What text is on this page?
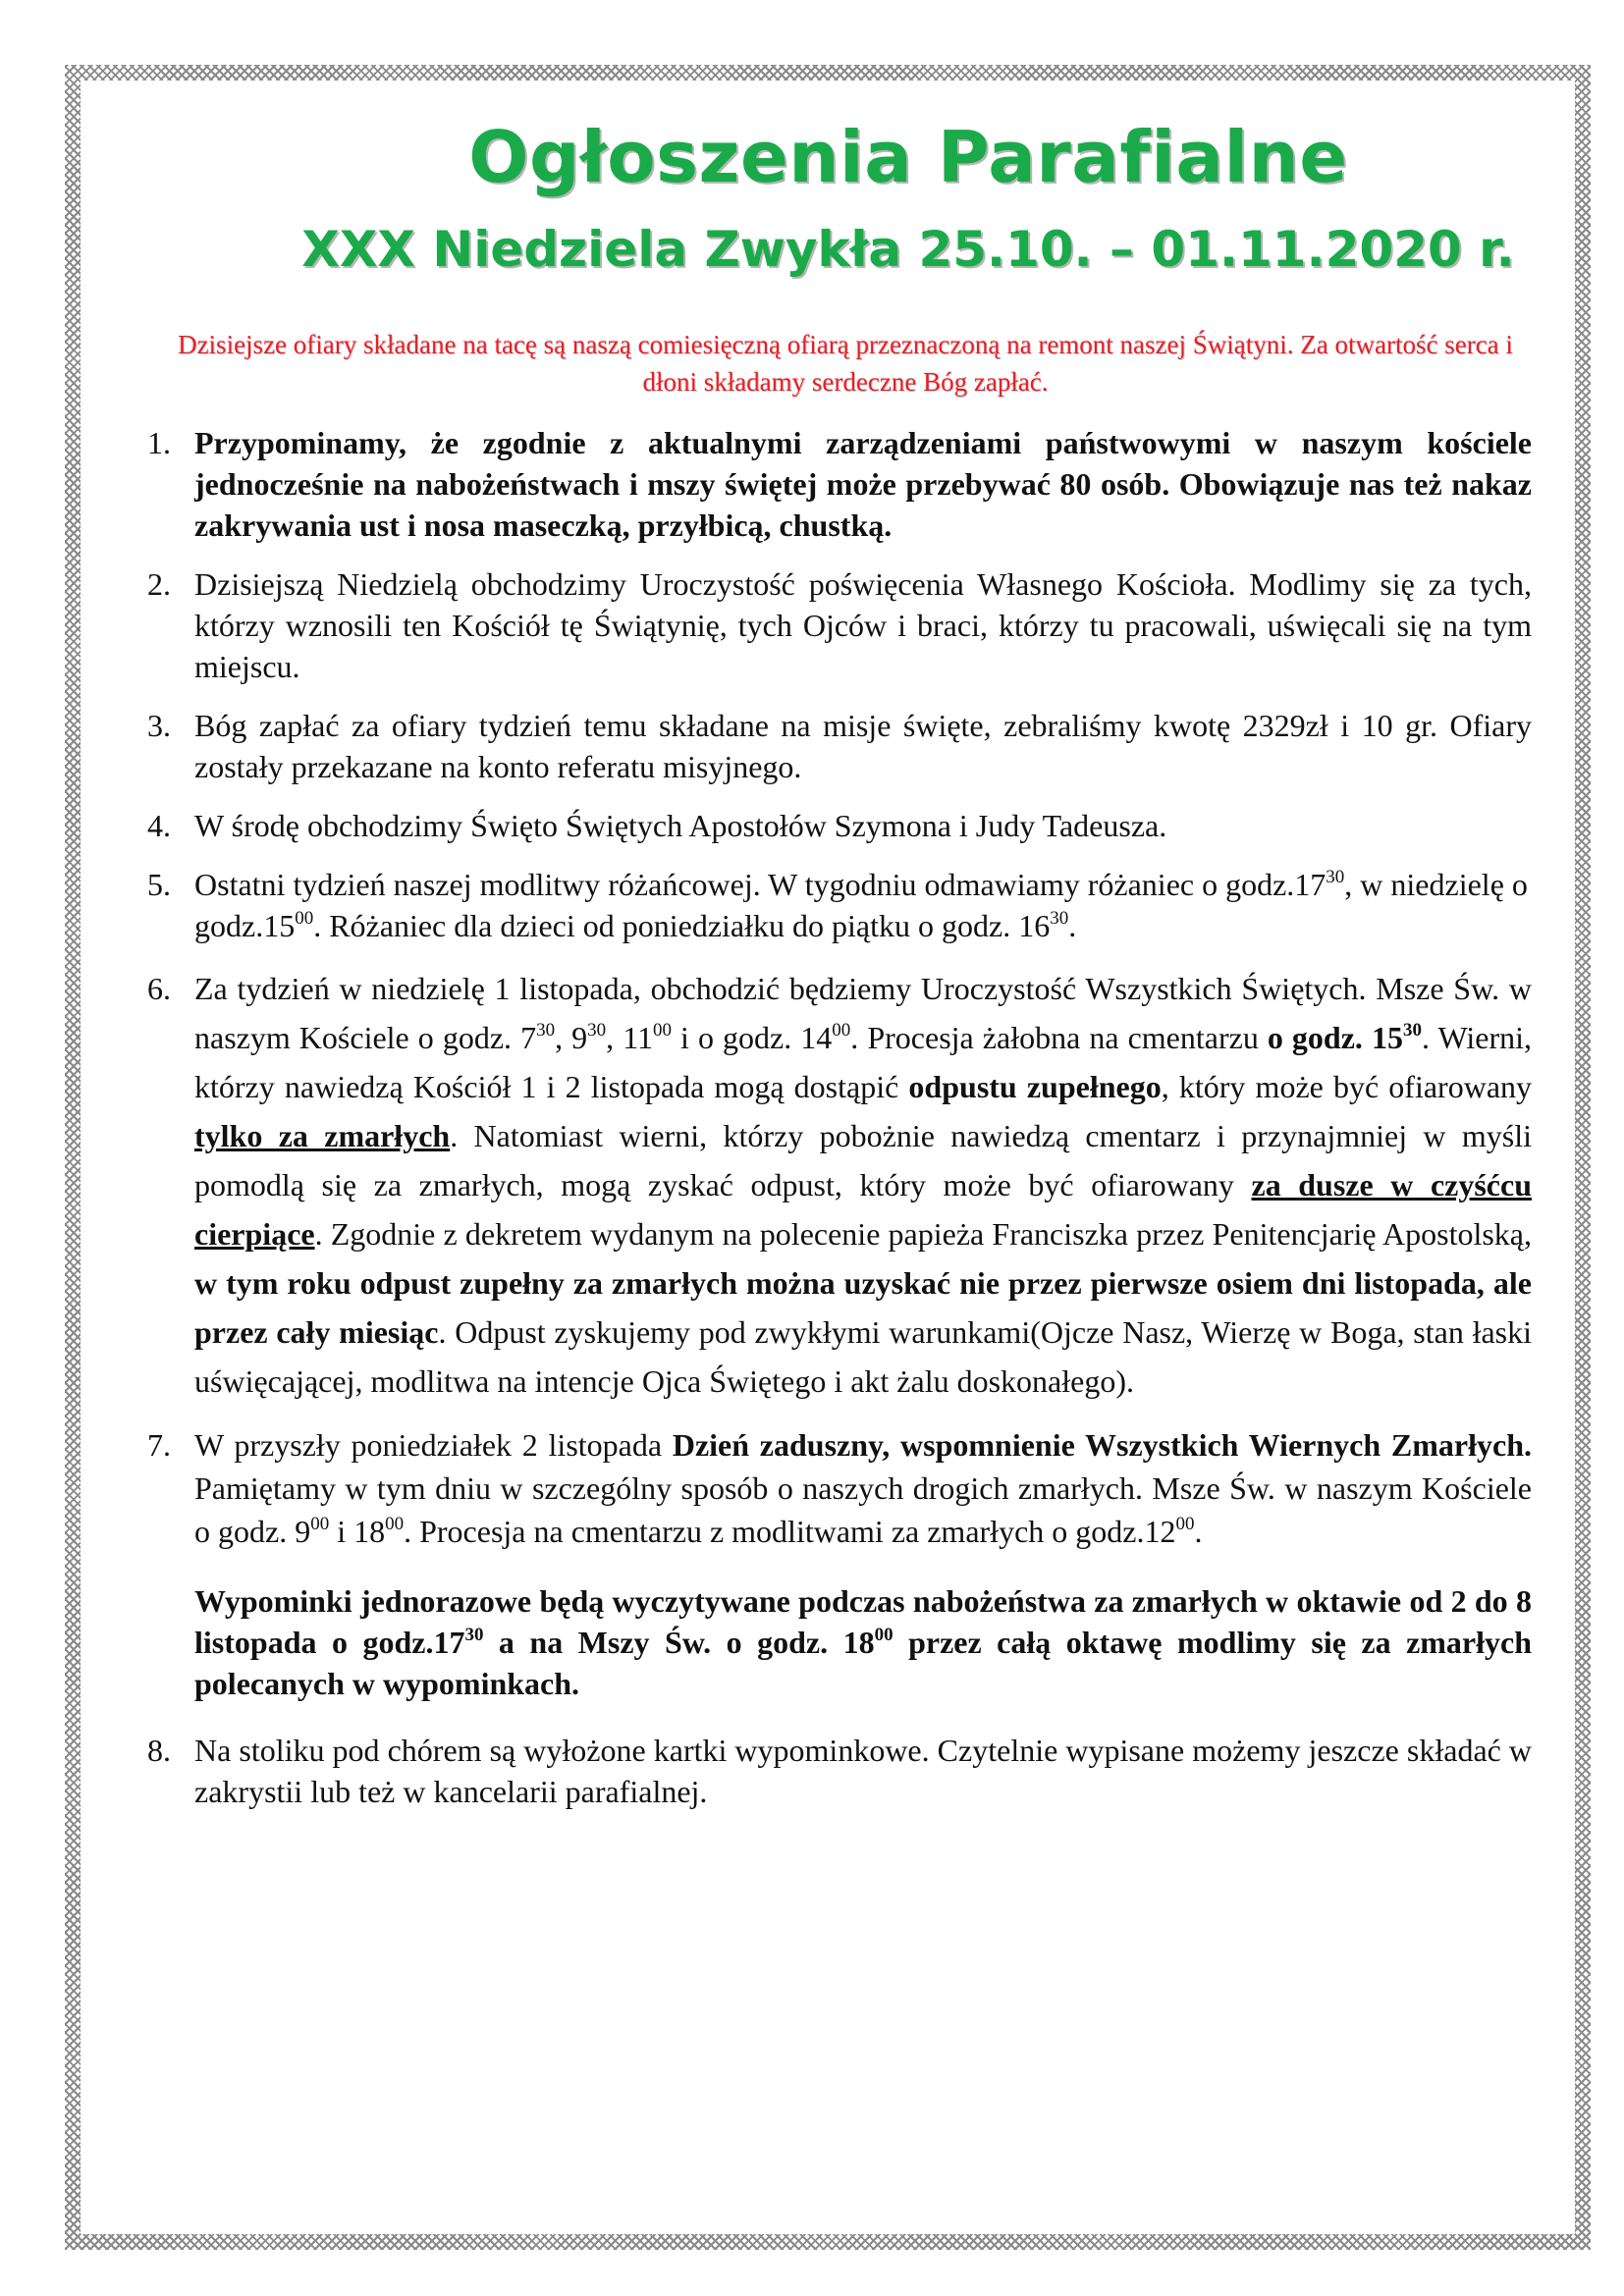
Ogłoszenia Parafialne
XXX Niedziela Zwykła 25.10. – 01.11.2020 r.

Dzisiejsze ofiary składane na tacę są naszą comiesięczną ofiarą przeznaczoną na remont naszej Świątyni. Za otwartość serca i dłoni składamy serdeczne Bóg zapłać.

1. Przypominamy, że zgodnie z aktualnymi zarządzeniami państwowymi w naszym kościele jednocześnie na nabożeństwach i mszy świętej może przebywać 80 osób. Obowiązuje nas też nakaz zakrywania ust i nosa maseczką, przyłbicą, chustką.
2. Dzisiejszą Niedzielą obchodzimy Uroczystość poświęcenia Własnego Kościoła. Modlimy się za tych, którzy wznosili ten Kościół tę Świątynię, tych Ojców i braci, którzy tu pracowali, uświęcali się na tym miejscu.
3. Bóg zapłać za ofiary tydzień temu składane na misje święte, zebraliśmy kwotę 2329zł i 10 gr. Ofiary zostały przekazane na konto referatu misyjnego.
4. W środę obchodzimy Święto Świętych Apostołów Szymona i Judy Tadeusza.
5. Ostatni tydzień naszej modlitwy różańcowej. W tygodniu odmawiamy różaniec o $godz.17^{30}$, w niedzielę o $godz.15^{00}$. Różaniec dla dzieci od poniedziałku do piątku o godz. $16^{30}$.
6. Za tydzień w niedzielę 1 listopada, obchodzić będziemy Uroczystość Wszystkich Świętych. Msze Św. w naszym Kościele o godz. $7^{30}$, $9^{30}$, $11^{00}$ i o godz. $14^{00}$. Procesja żałobna na cmentarzu o godz. $15^{30}$. Wierni, którzy nawiedzą Kościół 1 i 2 listopada mogą dostąpić odpustu zupełnego, który może być ofiarowany tylko za zmarłych. Natomiast wierni, którzy pobożnie nawiedzą cmentarz i przynajmniej w myśli pomodlą się za zmarłych, mogą zyskać odpust, który może być ofiarowany za dusze w czyśćcu cierpiące. Zgodnie z dekretem wydanym na polecenie papieża Franciszka przez Penitencjarię Apostolską, w tym roku odpust zupełny za zmarłych można uzyskać nie przez pierwsze osiem dni listopada, ale przez cały miesiąc. Odpust zyskujemy pod zwykłymi warunkami(Ojcze Nasz, Wierzę w Boga, stan łaski uświęcającej, modlitwa na intencje Ojca Świętego i akt żalu doskonałego).
7. W przyszły poniedziałek 2 listopada Dzień zaduszny, wspomnienie Wszystkich Wiernych Zmarłych. Pamiętamy w tym dniu w szczególny sposób o naszych drogich zmarłych. Msze Św. w naszym Kościele o godz. $9^{00}$ i $18^{00}$. Procesja na cmentarzu z modlitwami za zmarłych o $godz.12^{00}$.

Wypominki jednorazowe będą wyczytywane podczas nabożeństwa za zmarłych w oktawie od 2 do 8 listopada o $godz.17^{30}$ a na Mszy Św. o godz. $18^{00}$ przez całą oktawę modlimy się za zmarłych polecanych w wypominkach.

8. Na stoliku pod chórem są wyłożone kartki wypominkowe. Czytelnie wypisane możemy jeszcze składać w zakrystii lub też w kancelarii parafialnej.
